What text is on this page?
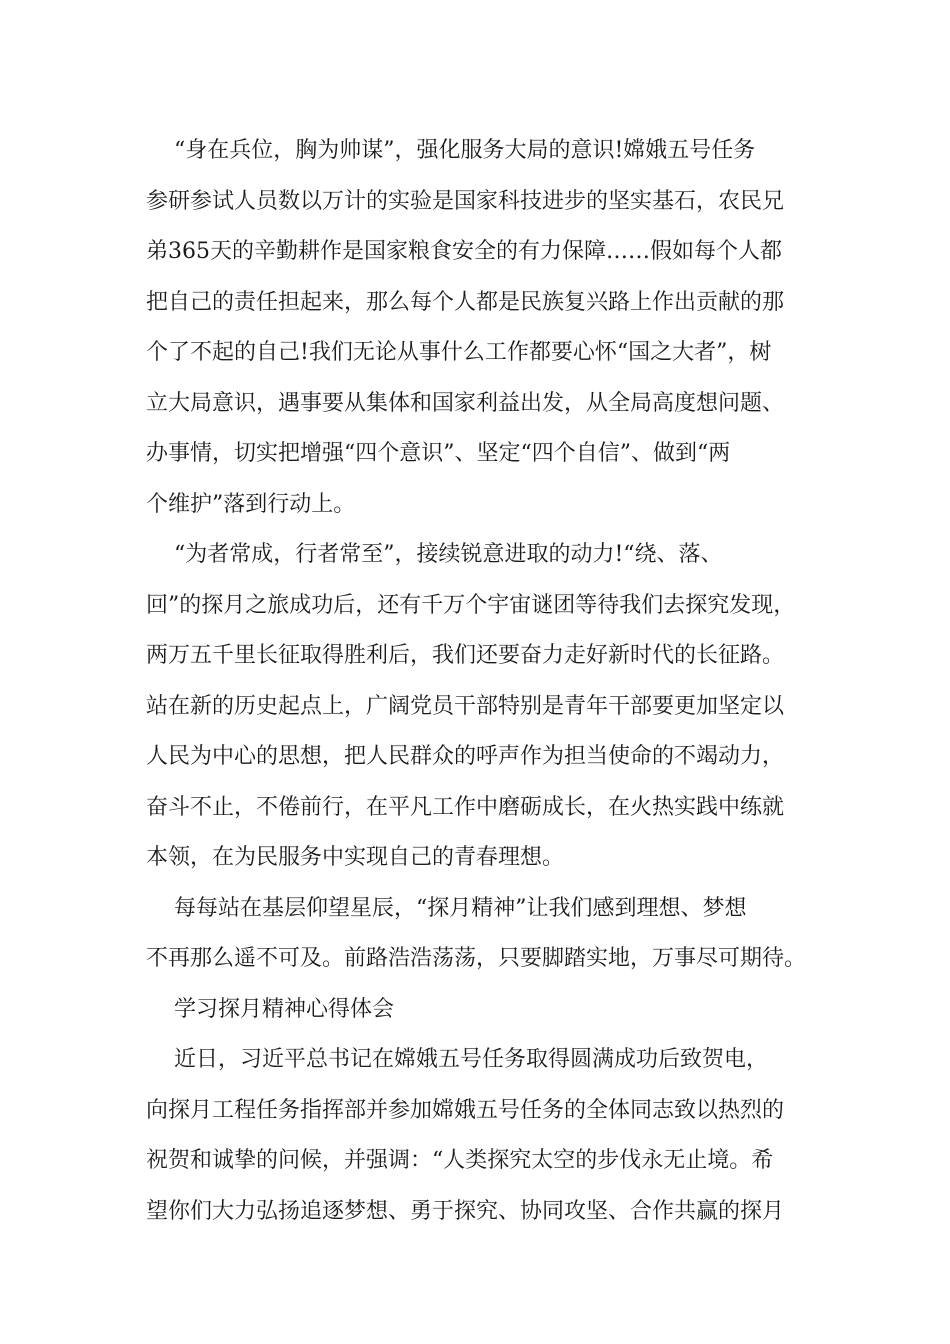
“身在兵位，胸为帅谋”，强化服务大局的意识!嫦娥五号任务
参研参试人员数以万计的实验是国家科技进步的坚实基石，农民兄
弟365天的辛勤耕作是国家粮食安全的有力保障……假如每个人都
把自己的责任担起来，那么每个人都是民族复兴路上作出贡献的那
个了不起的自己!我们无论从事什么工作都要心怀“国之大者”，树
立大局意识，遇事要从集体和国家利益出发，从全局高度想问题、
办事情，切实把增强“四个意识”、坚定“四个自信”、做到“两
个维护”落到行动上。
“为者常成，行者常至”，接续锐意进取的动力!“绕、落、
回”的探月之旅成功后，还有千万个宇宙谜团等待我们去探究发现，
两万五千里长征取得胜利后，我们还要奋力走好新时代的长征路。
站在新的历史起点上，广阔党员干部特别是青年干部要更加坚定以
人民为中心的思想，把人民群众的呼声作为担当使命的不竭动力，
奋斗不止，不倦前行，在平凡工作中磨砺成长，在火热实践中练就
本领，在为民服务中实现自己的青春理想。
每每站在基层仰望星辰，“探月精神”让我们感到理想、梦想
不再那么遥不可及。前路浩浩荡荡，只要脚踏实地，万事尽可期待。
学习探月精神心得体会
近日，习近平总书记在嫦娥五号任务取得圆满成功后致贺电，
向探月工程任务指挥部并参加嫦娥五号任务的全体同志致以热烈的
祝贺和诚挚的问候，并强调：“人类探究太空的步伐永无止境。希
望你们大力弘扬追逐梦想、勇于探究、协同攻坚、合作共赢的探月
